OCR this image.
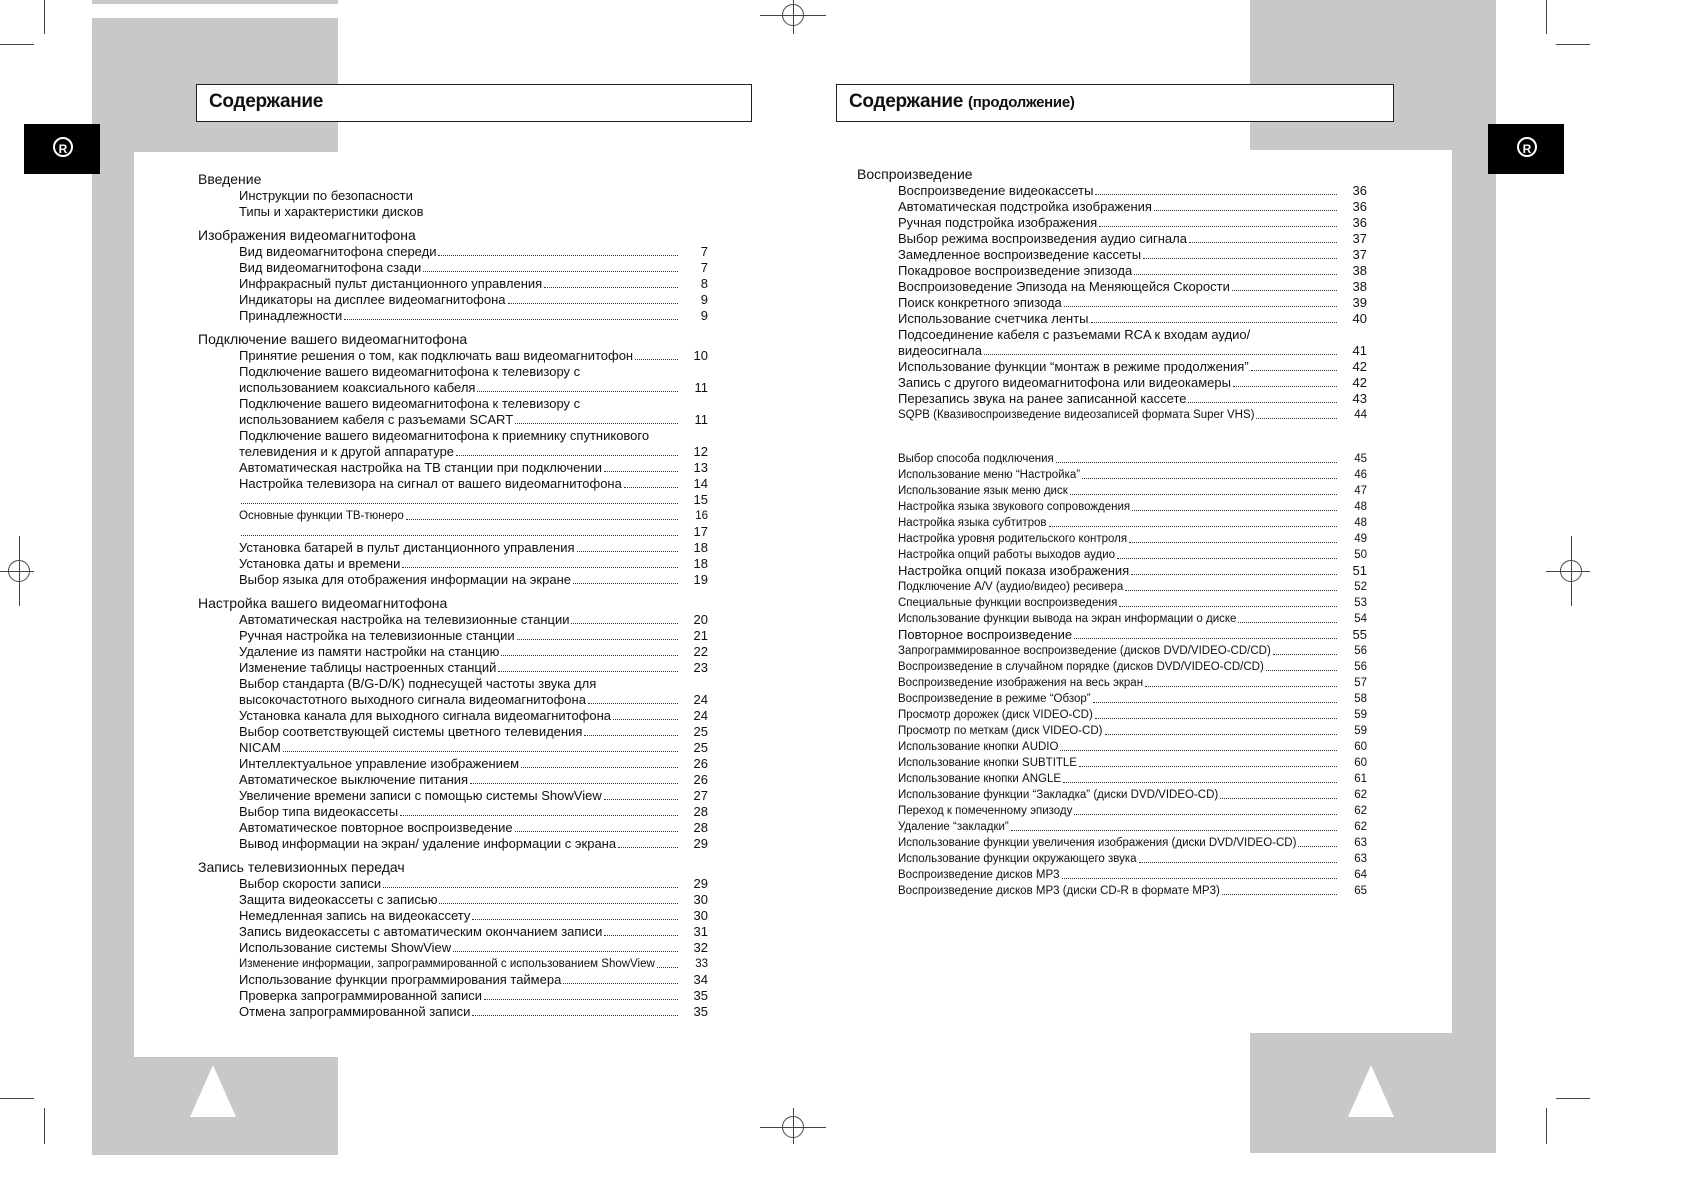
Содержание	Содержание (продолжение)
R	R
Введение
Инструкции по безопасности
Типы и характеристики дисков
Изображения видеомагнитофона
Вид видеомагнитофона спереди	7
Вид видеомагнитофона сзади	7
Инфракрасный пульт дистанционного управления	8
Индикаторы на дисплее видеомагнитофона	9
Принадлежности	9
Подключение вашего видеомагнитофона
Принятие решения о том, как подключать ваш видеомагнитофон	10
Подключение вашего видеомагнитофона к телевизору с
использованием коаксиального кабеля	11
Подключение вашего видеомагнитофона к телевизору с
использованием кабеля с разъемами SCART	11
Подключение вашего видеомагнитофона к приемнику спутникового
телевидения и к другой аппаратуре	12
Автоматическая настройка на ТВ станции при подключении	13
Настройка телевизора на сигнал от вашего видеомагнитофона	14
15
Основные функции ТВ-тюнеро	16
17
Установка батарей в пульт дистанционного управления	18
Установка даты и времени	18
Выбор языка для отображения информации на экране	19
Настройка вашего видеомагнитофона
Автоматическая настройка на телевизионные станции	20
Ручная настройка на телевизионные станции	21
Удаление из памяти настройки на станцию	22
Изменение таблицы настроенных станций	23
Выбор стандарта (B/G-D/K) поднесущей частоты звука для
высокочастотного выходного сигнала видеомагнитофона	24
Установка канала для выходного сигнала видеомагнитофона	24
Выбор соответствующей системы цветного телевидения	25
NICAM	25
Интеллектуальное управление изображением	26
Автоматическое выключение питания	26
Увеличение времени записи с помощью системы ShowView	27
Выбор типа видеокассеты	28
Автоматическое повторное воспроизведение	28
Вывод информации на экран/ удаление информации с экрана	29
Запись телевизионных передач
Выбор скорости записи	29
Защита видеокассеты с записью	30
Немедленная запись на видеокассету	30
Запись видеокассеты с автоматическим окончанием записи	31
Использование системы ShowView	32
Изменение информации, запрограммированной с использованием ShowView	33
Использование функции программирования таймера	34
Проверка запрограммированной записи	35
Отмена запрограммированной записи	35
Воспроизведение
Воспроизведение видеокассеты	36
Автоматическая подстройка изображения	36
Ручная подстройка изображения	36
Выбор режима воспроизведения аудио сигнала	37
Замедленное воспроизведение кассеты	37
Покадровое воспроизведение эпизода	38
Воспроизоведение Эпизода на Меняющейся Скорости	38
Поиск конкретного эпизода	39
Использование счетчика ленты	40
Подсоединение кабеля с разъемами RCA к входам аудио/
видеосигнала	41
Использование функции “монтаж в режиме продолжения”	42
Запись с другого видеомагнитофона или видеокамеры	42
Перезапись звука на ранее записанной кассете	43
SQPB (Квазивоспроизведение видеозаписей формата Super VHS)	44
Выбор способа подключения	45
Использование меню “Настройка”	46
Использование язык меню диск	47
Настройка языка звукового сопровождения	48
Настройка языка субтитров	48
Настройка уровня родительского контроля	49
Настройка опций работы выходов аудио	50
Настройка опций показа изображения	51
Подключение A/V (аудио/видео) ресивера	52
Специальные функции воспроизведения	53
Использование функции вывода на экран информации о диске	54
Повторное воспроизведение	55
Запрограммированное воспроизведение (дисков DVD/VIDEO-CD/CD)	56
Воспроизведение в случайном порядке (дисков DVD/VIDEO-CD/CD)	56
Воспроизведение изображения на весь экран	57
Воспроизведение в режиме “Обзор”	58
Просмотр дорожек (диск VIDEO-CD)	59
Просмотр по меткам (диск VIDEO-CD)	59
Использование кнопки AUDIO	60
Использование кнопки SUBTITLE	60
Использование кнопки ANGLE	61
Использование функции “Закладка” (диски DVD/VIDEO-CD)	62
Переход к помеченному эпизоду	62
Удаление “закладки”	62
Использование функции увеличения изображения (диски DVD/VIDEO-CD)	63
Использование функции окружающего звука	63
Воспроизведение дисков MP3	64
Воспроизведение дисков MP3 (диски CD-R в формате MP3)	65
